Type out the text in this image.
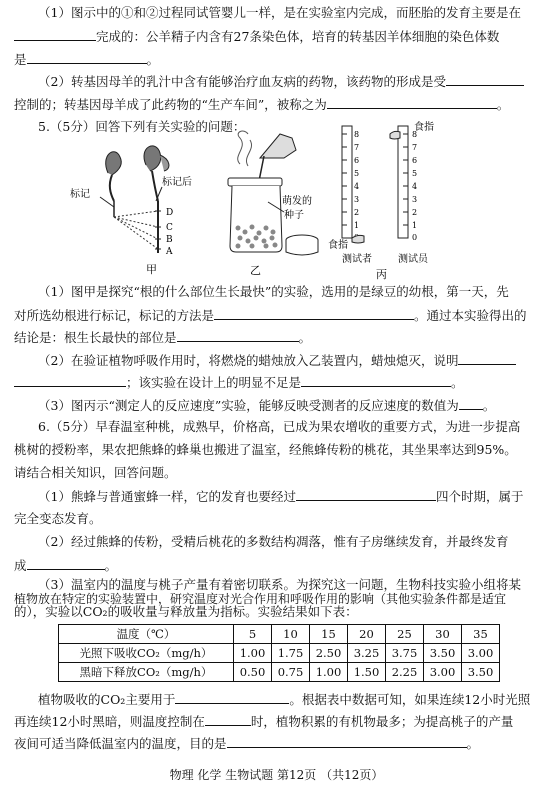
（1）图示中的①和②过程同试管婴儿一样，是在实验室内完成，而胚胎的发育主要是在
完成的：公羊精子内含有27条染色体，培育的转基因羊体细胞的染色体数
是	。
（2）转基因母羊的乳汁中含有能够治疗血友病的药物，该药物的形成是受
控制的；转基因母羊成了此药物的“生产车间”，被称之为	。
5.（5分）回答下列有关实验的问题：
标记
标记后
D
C
B
A
甲
萌发的
种子
乙
8
7
6
5
4
3
2
1
8
7
6
5
4
3
2
1
0
食指
食指
测试者	测试员
丙
（1）图甲是探究“根的什么部位生长最快”的实验，选用的是绿豆的幼根，第一天，先
对所选幼根进行标记，标记的方法是	。通过本实验得出的
结论是：根生长最快的部位是	。
（2）在验证植物呼吸作用时，将燃烧的蜡烛放入乙装置内，蜡烛熄灭，说明
；该实验在设计上的明显不足是	。
（3）图丙示“测定人的反应速度”实验，能够反映受测者的反应速度的数值为 。
6.（5分）早春温室种桃，成熟早，价格高，已成为果农增收的重要方式，为进一步提高
桃树的授粉率，果农把熊蜂的蜂巢也搬进了温室，经熊蜂传粉的桃花，其坐果率达到95%。
请结合相关知识，回答问题。
（1）熊蜂与普通蜜蜂一样，它的发育也要经过	四个时期，属于
完全变态发育。
（2）经过熊蜂的传粉，受精后桃花的多数结构凋落，惟有子房继续发育，并最终发育
成	。
（3）温室内的温度与桃子产量有着密切联系。为探究这一问题，生物科技实验小组将某
植物放在特定的实验装置中，研究温度对光合作用和呼吸作用的影响（其他实验条件都是适宜
温度（℃）	5	10	15	20	25	30	35
光照下吸收CO₂（mg/h）	1.00	1.75	2.50	3.25	3.75	3.50	3.00
黑暗下释放CO₂（mg/h）	0.50	0.75	1.00	1.50	2.25	3.00	3.50
植物吸收的CO₂主要用于	。根据表中数据可知，如果连续12小时光照
再连续12小时黑暗，则温度控制在	时，植物积累的有机物最多；为提高桃子的产量
夜间可适当降低温室内的温度，目的是	。
物理 化学 生物试题 第12页 （共12页）
的），实验以CO₂的吸收量与释放量为指标。实验结果如下表：
